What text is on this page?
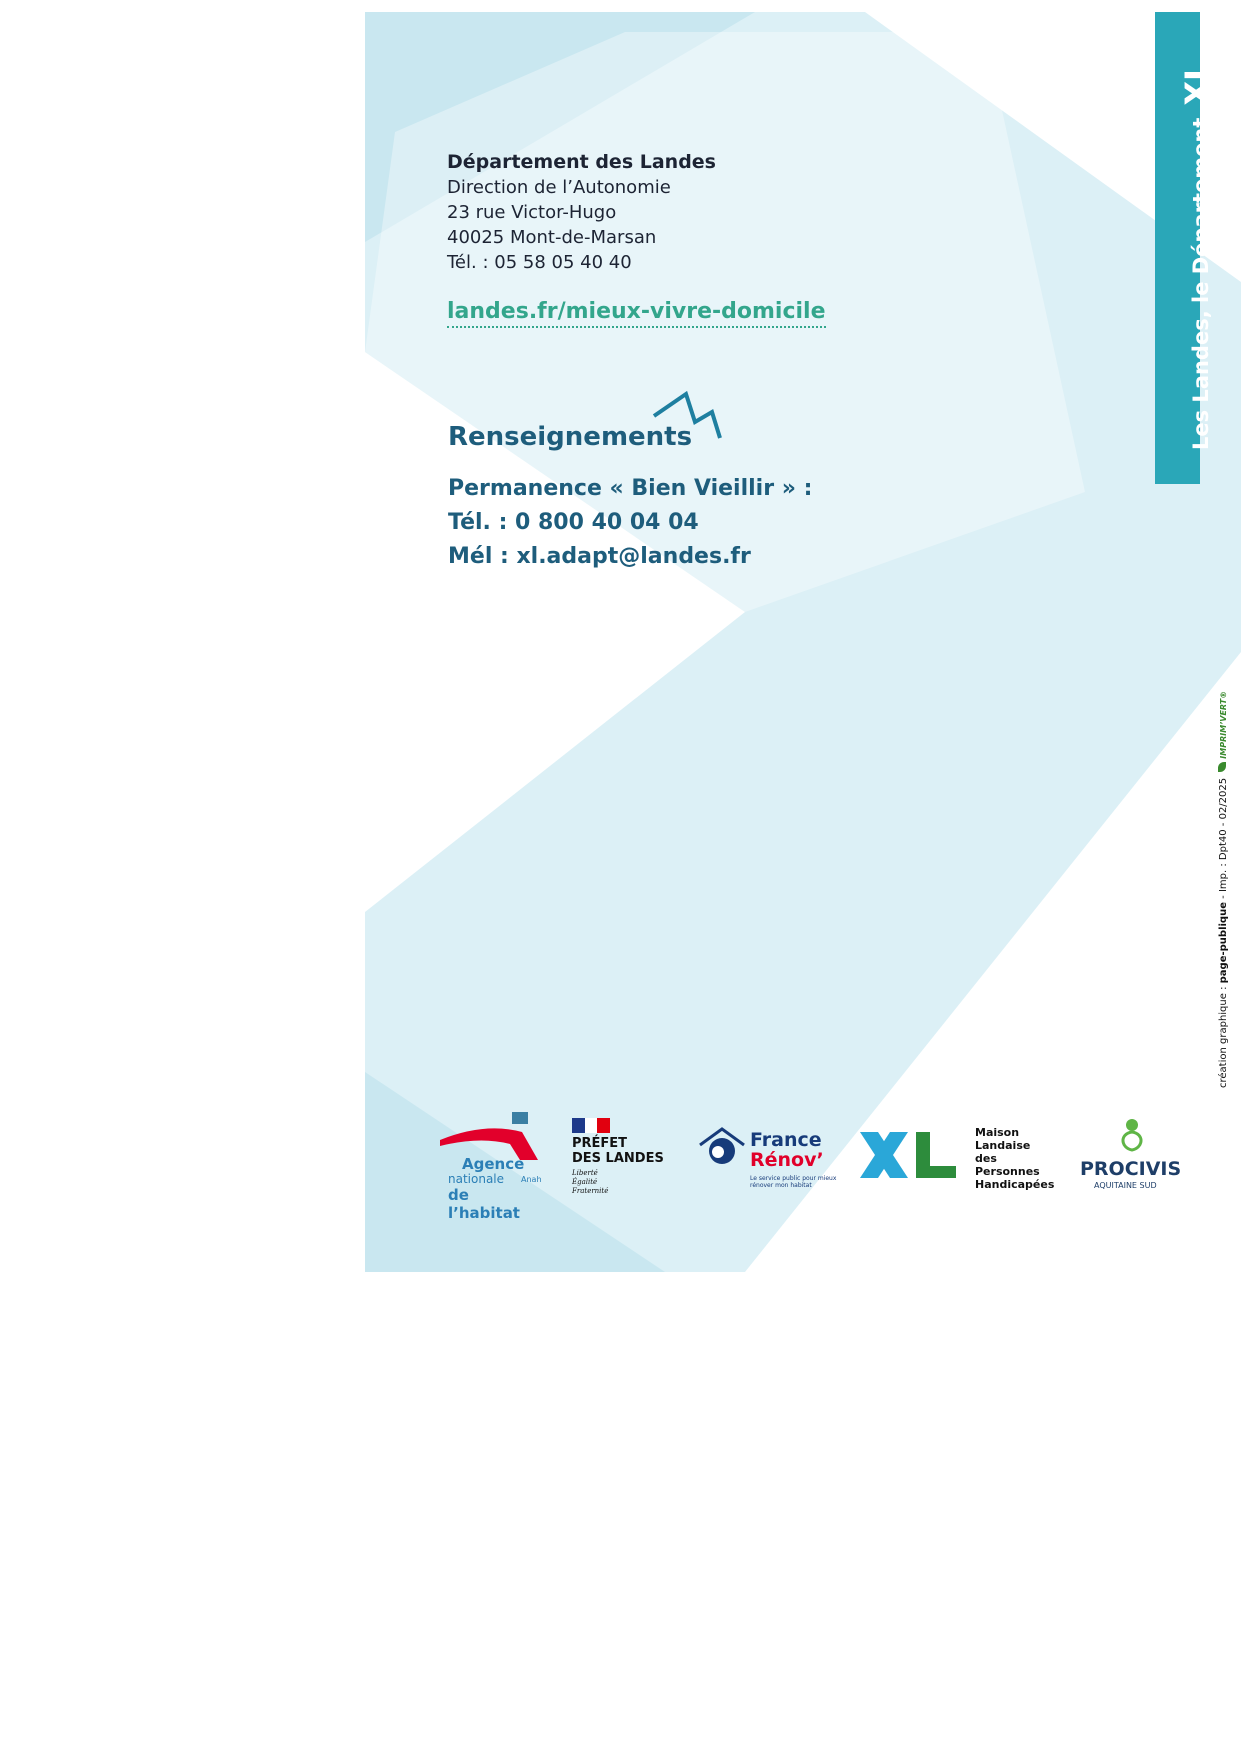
Département des Landes
Direction de l’Autonomie
23 rue Victor-Hugo
40025 Mont-de-Marsan
Tél. : 05 58 05 40 40
landes.fr/mieux-vivre-domicile
Renseignements
Permanence « Bien Vieillir » :
Tél. : 0 800 40 04 04
Mél : xl.adapt@landes.fr
Les Landes, le DépartementXL
création graphique : page-publique - Imp. : Dpt40 - 02/2025 IMPRIM’VERT®
Agence
nationale Anah
de l’habitat
PRÉFET
DES LANDES
Liberté
Égalité
Fraternité
France
Rénov’
Le service public pour mieux rénover mon habitat
Maison
Landaise
des Personnes
Handicapées
PROCIVIS
AQUITAINE SUD
